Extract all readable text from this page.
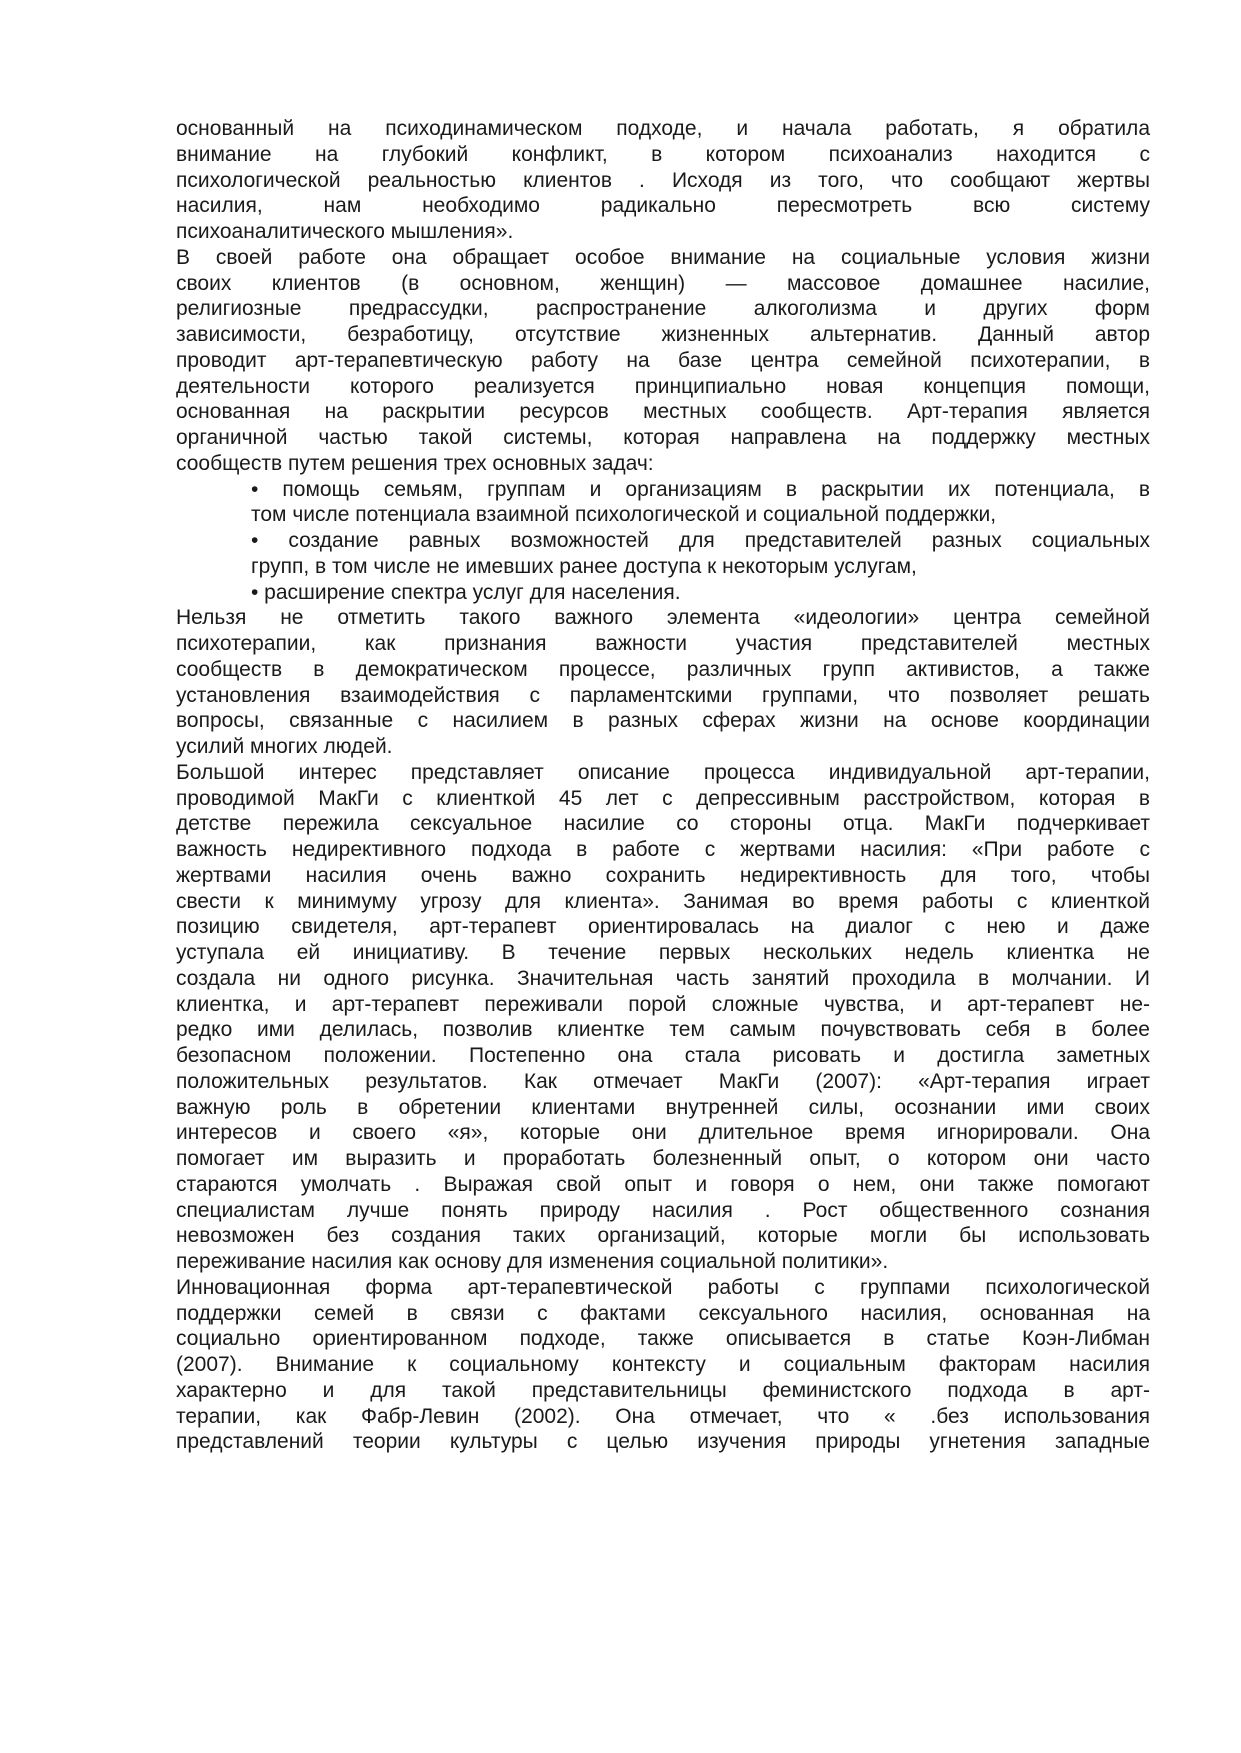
основанный на психодинамическом подходе, и начала работать, я обратила
внимание на глубокий конфликт, в котором психоанализ находится с
психологической реальностью клиентов . Исходя из того, что сообщают жертвы
насилия, нам необходимо радикально пересмотреть всю систему
психоаналитического мышления».
В своей работе она обращает особое внимание на социальные условия жизни
своих клиентов (в основном, женщин) — массовое домашнее насилие,
религиозные предрассудки, распространение алкоголизма и других форм
зависимости, безработицу, отсутствие жизненных альтернатив. Данный автор
проводит арт-терапевтическую работу на базе центра семейной психотерапии, в
деятельности которого реализуется принципиально новая концепция помощи,
основанная на раскрытии ресурсов местных сообществ. Арт-терапия является
органичной частью такой системы, которая направлена на поддержку местных
сообществ путем решения трех основных задач:
• помощь семьям, группам и организациям в раскрытии их потенциала, в
том числе потенциала взаимной психологической и социальной поддержки,
• создание равных возможностей для представителей разных социальных
групп, в том числе не имевших ранее доступа к некоторым услугам,
• расширение спектра услуг для населения.
Нельзя не отметить такого важного элемента «идеологии» центра семейной
психотерапии, как признания важности участия представителей местных
сообществ в демократическом процессе, различных групп активистов, а также
установления взаимодействия с парламентскими группами, что позволяет решать
вопросы, связанные с насилием в разных сферах жизни на основе координации
усилий многих людей.
Большой интерес представляет описание процесса индивидуальной арт-терапии,
проводимой МакГи с клиенткой 45 лет с депрессивным расстройством, которая в
детстве пережила сексуальное насилие со стороны отца. МакГи подчеркивает
важность недирективного подхода в работе с жертвами насилия: «При работе с
жертвами насилия очень важно сохранить недирективность для того, чтобы
свести к минимуму угрозу для клиента». Занимая во время работы с клиенткой
позицию свидетеля, арт-терапевт ориентировалась на диалог с нею и даже
уступала ей инициативу. В течение первых нескольких недель клиентка не
создала ни одного рисунка. Значительная часть занятий проходила в молчании. И
клиентка, и арт-терапевт переживали порой сложные чувства, и арт-терапевт не-
редко ими делилась, позволив клиентке тем самым почувствовать себя в более
безопасном положении. Постепенно она стала рисовать и достигла заметных
положительных результатов. Как отмечает МакГи (2007): «Арт-терапия играет
важную роль в обретении клиентами внутренней силы, осознании ими своих
интересов и своего «я», которые они длительное время игнорировали. Она
помогает им выразить и проработать болезненный опыт, о котором они часто
стараются умолчать . Выражая свой опыт и говоря о нем, они также помогают
специалистам лучше понять природу насилия . Рост общественного сознания
невозможен без создания таких организаций, которые могли бы использовать
переживание насилия как основу для изменения социальной политики».
Инновационная форма арт-терапевтической работы с группами психологической
поддержки семей в связи с фактами сексуального насилия, основанная на
социально ориентированном подходе, также описывается в статье Коэн-Либман
(2007). Внимание к социальному контексту и социальным факторам насилия
характерно и для такой представительницы феминистского подхода в арт-
терапии, как Фабр-Левин (2002). Она отмечает, что « .без использования
представлений теории культуры с целью изучения природы угнетения западные
